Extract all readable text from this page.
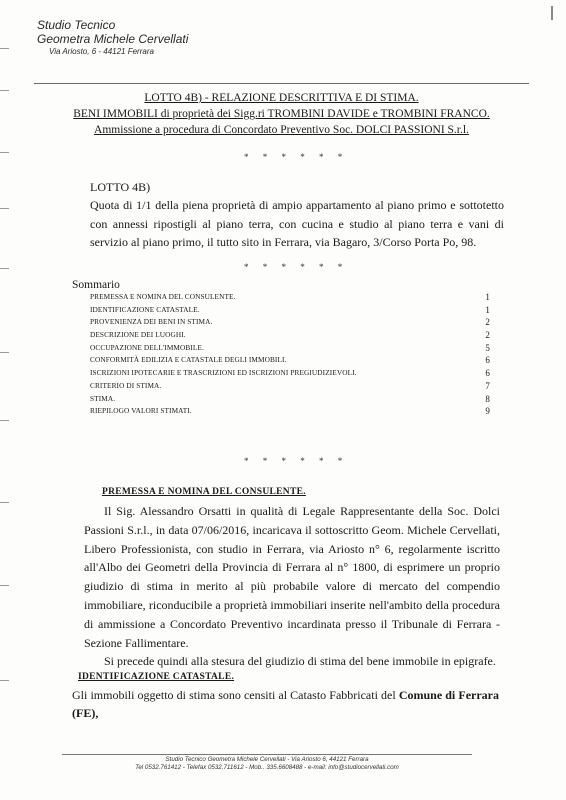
Studio Tecnico
Geometra Michele Cervellati
Via Ariosto, 6 - 44121 Ferrara
LOTTO 4B) - RELAZIONE DESCRITTIVA E DI STIMA.
BENI IMMOBILI di proprietà dei Sigg.ri TROMBINI DAVIDE e TROMBINI FRANCO.
Ammissione a procedura di Concordato Preventivo Soc. DOLCI PASSIONI S.r.l.
* * * * * *
LOTTO 4B)
Quota di 1/1 della piena proprietà di ampio appartamento al piano primo e sottotetto con annessi ripostigli al piano terra, con cucina e studio al piano terra e vani di servizio al piano primo, il tutto sito in Ferrara, via Bagaro, 3/Corso Porta Po, 98.
* * * * * *
Sommario
PREMESSA E NOMINA DEL CONSULENTE.	1
IDENTIFICAZIONE CATASTALE.	1
PROVENIENZA DEI BENI IN STIMA.	2
DESCRIZIONE DEI LUOGHI.	2
OCCUPAZIONE DELL'IMMOBILE.	5
CONFORMITÀ EDILIZIA E CATASTALE DEGLI IMMOBILI.	6
ISCRIZIONI IPOTECARIE E TRASCRIZIONI ED ISCRIZIONI PREGIUDIZIEVOLI.	6
CRITERIO DI STIMA.	7
STIMA.	8
RIEPILOGO VALORI STIMATI.	9
* * * * * *
PREMESSA E NOMINA DEL CONSULENTE.

Il Sig. Alessandro Orsatti in qualità di Legale Rappresentante della Soc. Dolci Passioni S.r.l., in data 07/06/2016, incaricava il sottoscritto Geom. Michele Cervellati, Libero Professionista, con studio in Ferrara, via Ariosto n° 6, regolarmente iscritto all'Albo dei Geometri della Provincia di Ferrara al n° 1800, di esprimere un proprio giudizio di stima in merito al più probabile valore di mercato del compendio immobiliare, riconducibile a proprietà immobiliari inserite nell'ambito della procedura di ammissione a Concordato Preventivo incardinata presso il Tribunale di Ferrara - Sezione Fallimentare.

Si precede quindi alla stesura del giudizio di stima del bene immobile in epigrafe.

IDENTIFICAZIONE CATASTALE.
Gli immobili oggetto di stima sono censiti al Catasto Fabbricati del Comune di Ferrara (FE),
Studio Tecnico Geometra Michele Cervellati - Via Ariosto 6, 44121 Ferrara
Tel 0532.761412 - Telefax 0532.711612 - Mob.. 335.6608488 - e-mail: info@studiocervellati.com
